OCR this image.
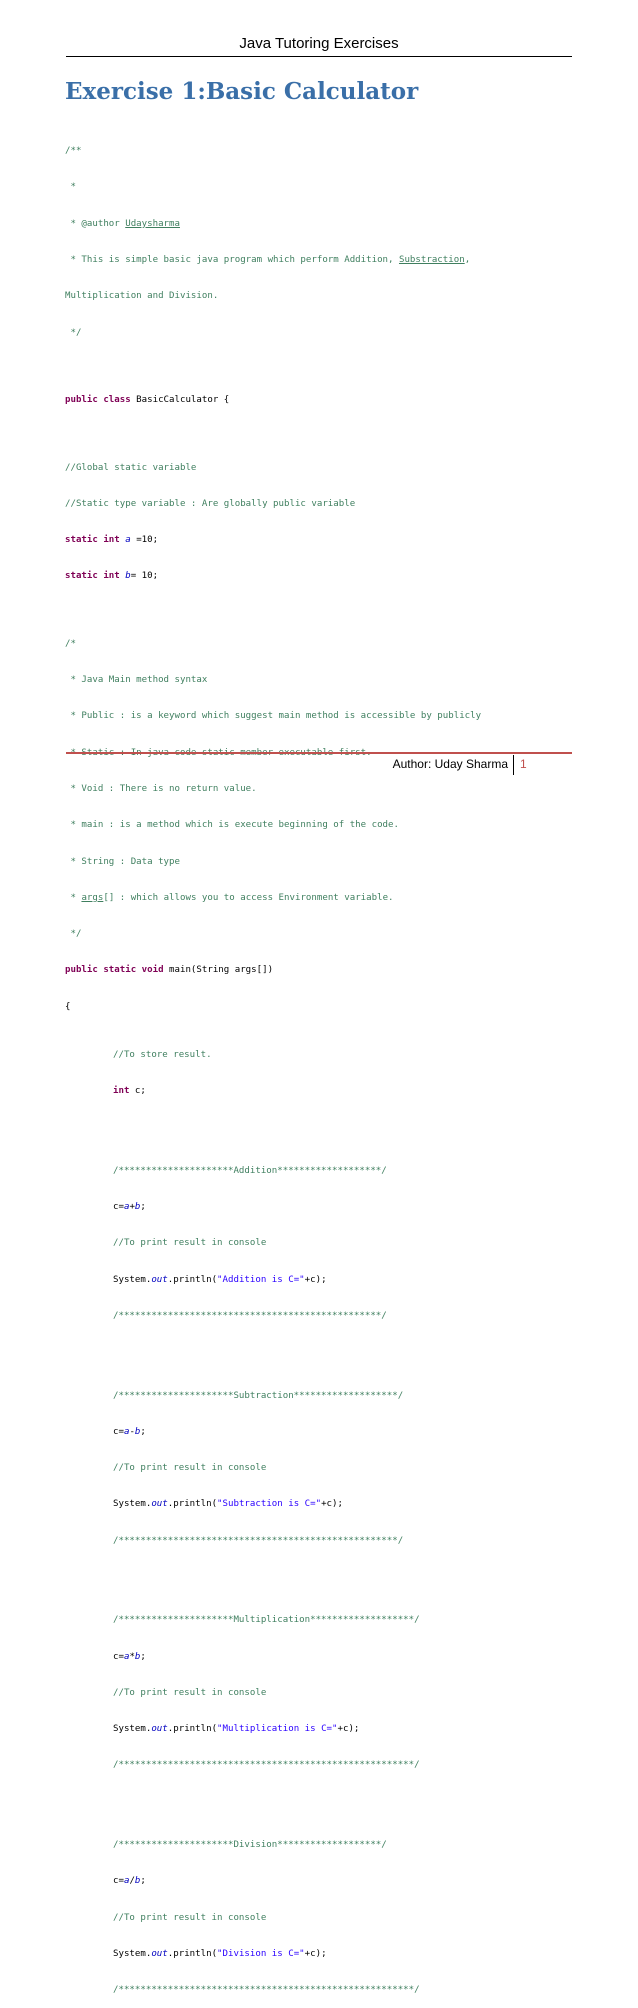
Java Tutoring Exercises
Exercise 1:Basic Calculator

/**

*

* @author Udaysharma

* This is simple basic java program which perform Addition, Substraction,

Multiplication and Division.

*/

public class BasicCalculator {

//Global static variable

//Static type variable : Are globally public variable

static int a =10;

static int b= 10;

/*

* Java Main method syntax

* Public : is a keyword which suggest main method is accessible by publicly

* Void : There is no return value.

* main : is a method which is execute beginning of the code.

* String : Data type

* args[] : which allows you to access Environment variable.

*/

public static void main(String args[])

{

//To store result.

int c;

/*********************Addition*******************/

c=a+b;

//To print result in console

System.out.println("Addition is C="+c);

/************************************************/

/*********************Subtraction*******************/

c=a-b;

//To print result in console

System.out.println("Subtraction is C="+c);

/***************************************************/

/*********************Multiplication*******************/

c=a*b;

//To print result in console

System.out.println("Multiplication is C="+c);

/******************************************************/

/*********************Division*******************/

c=a/b;

//To print result in console

System.out.println("Division is C="+c);

/******************************************************/

Author: Uday Sharma 1
